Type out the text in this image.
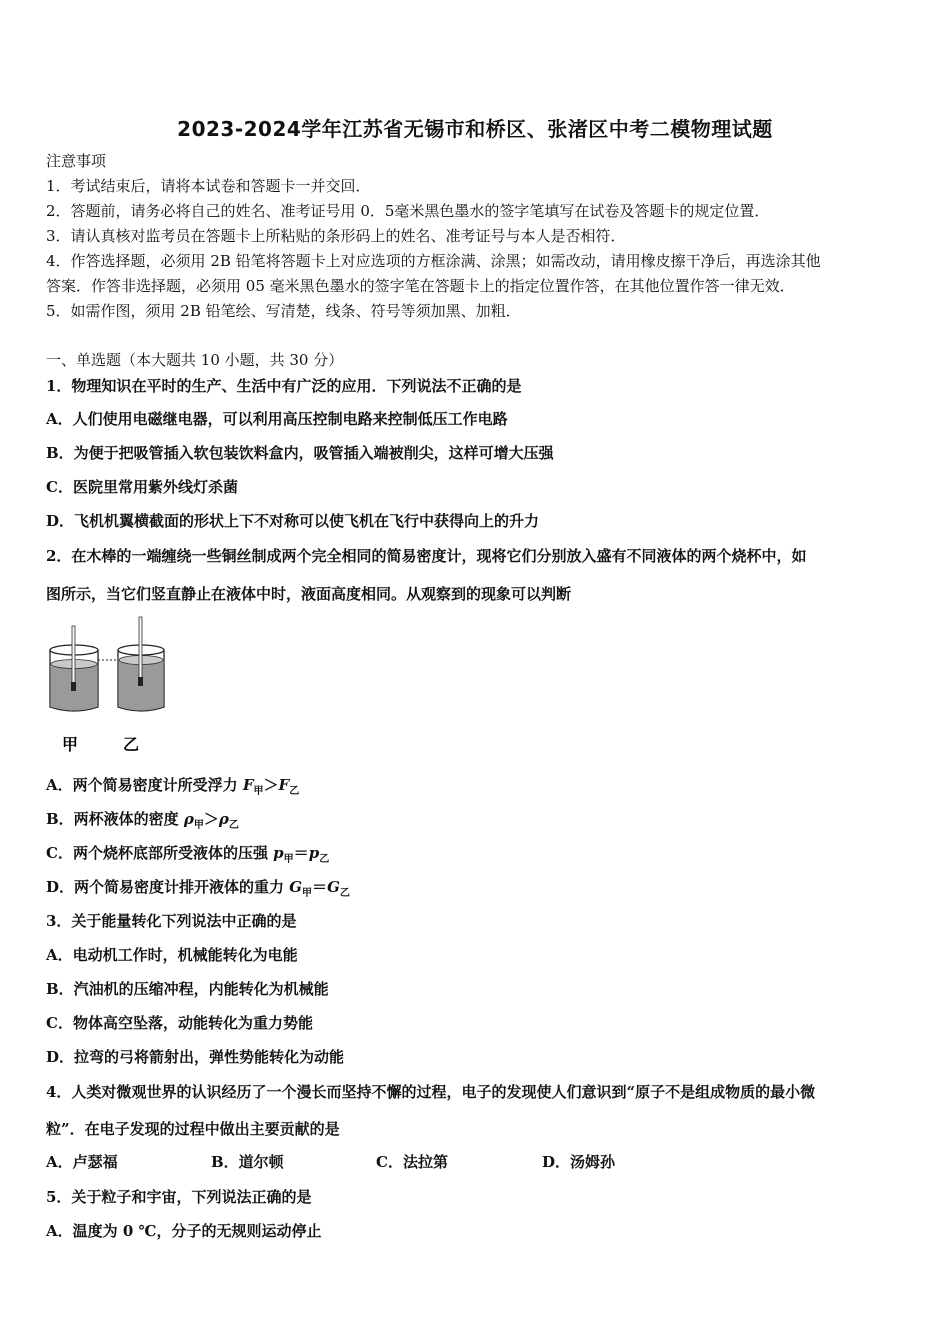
2023-2024学年江苏省无锡市和桥区、张渚区中考二模物理试题
注意事项
1．考试结束后，请将本试卷和答题卡一并交回．
2．答题前，请务必将自己的姓名、准考证号用 0．5毫米黑色墨水的签字笔填写在试卷及答题卡的规定位置．
3．请认真核对监考员在答题卡上所粘贴的条形码上的姓名、准考证号与本人是否相符．
4．作答选择题，必须用 2B 铅笔将答题卡上对应选项的方框涂满、涂黑；如需改动，请用橡皮擦干净后，再选涂其他
答案．作答非选择题，必须用 05 毫米黑色墨水的签字笔在答题卡上的指定位置作答，在其他位置作答一律无效．
5．如需作图，须用 2B 铅笔绘、写清楚，线条、符号等须加黑、加粗．
一、单选题（本大题共 10 小题，共 30 分）
1．物理知识在平时的生产、生活中有广泛的应用．下列说法不正确的是
A．人们使用电磁继电器，可以利用高压控制电路来控制低压工作电路
B．为便于把吸管插入软包装饮料盒内，吸管插入端被削尖，这样可增大压强
C．医院里常用紫外线灯杀菌
D．飞机机翼横截面的形状上下不对称可以使飞机在飞行中获得向上的升力
2．在木棒的一端缠绕一些铜丝制成两个完全相同的简易密度计，现将它们分别放入盛有不同液体的两个烧杯中，如
图所示，当它们竖直静止在液体中时，液面高度相同。从观察到的现象可以判断
甲	乙
A．两个简易密度计所受浮力 $F_甲>F_乙$
B．两杯液体的密度 $\rho_甲>\rho_乙$
C．两个烧杯底部所受液体的压强 $p_甲=p_乙$
D．两个简易密度计排开液体的重力 $G_甲=G_乙$
3．关于能量转化下列说法中正确的是
A．电动机工作时，机械能转化为电能
B．汽油机的压缩冲程，内能转化为机械能
C．物体高空坠落，动能转化为重力势能
D．拉弯的弓将箭射出，弹性势能转化为动能
4．人类对微观世界的认识经历了一个漫长而坚持不懈的过程，电子的发现使人们意识到“原子不是组成物质的最小微
粒”．在电子发现的过程中做出主要贡献的是
A．卢瑟福	B．道尔顿	C．法拉第	D．汤姆孙
5．关于粒子和宇宙，下列说法正确的是
A．温度为 0 ℃，分子的无规则运动停止
